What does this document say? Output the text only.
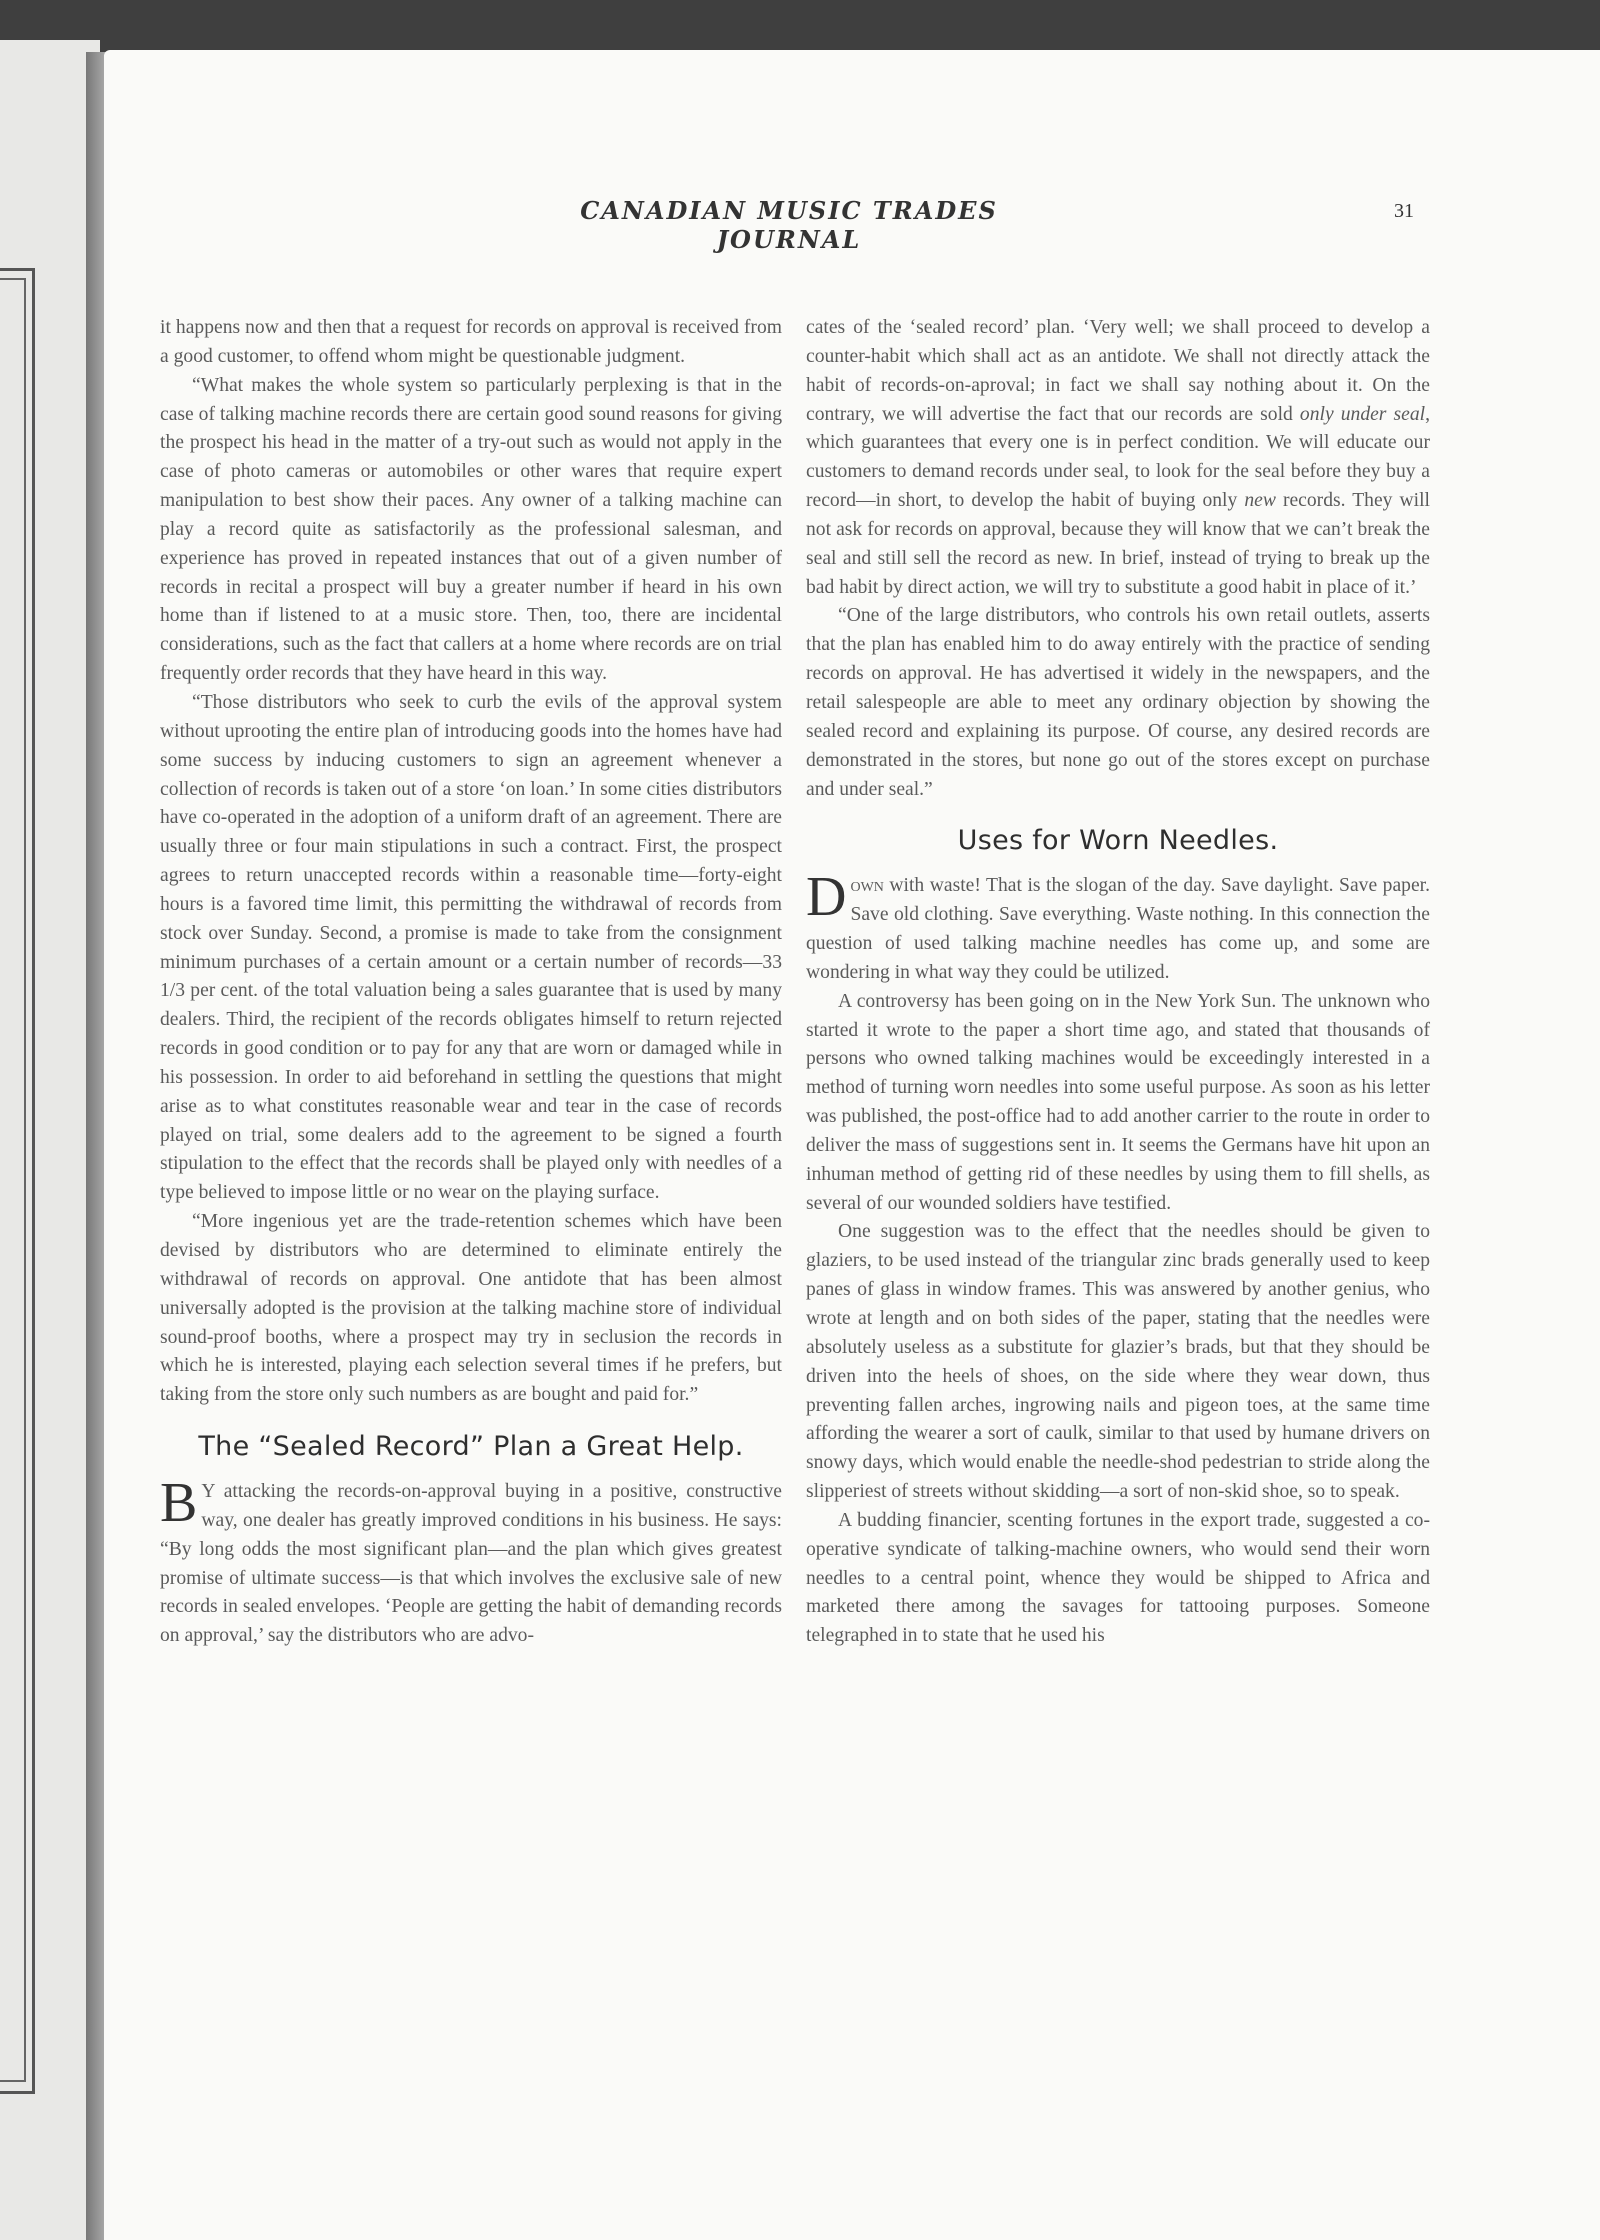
CANADIAN MUSIC TRADES JOURNAL
31

it happens now and then that a request for records on approval is received from a good customer, to offend whom might be questionable judgment.

“What makes the whole system so particularly perplexing is that in the case of talking machine records there are certain good sound reasons for giving the prospect his head in the matter of a try-out such as would not apply in the case of photo cameras or automobiles or other wares that require expert manipulation to best show their paces. Any owner of a talking machine can play a record quite as satisfactorily as the professional salesman, and experience has proved in repeated instances that out of a given number of records in recital a prospect will buy a greater number if heard in his own home than if listened to at a music store. Then, too, there are incidental considerations, such as the fact that callers at a home where records are on trial frequently order records that they have heard in this way.

“Those distributors who seek to curb the evils of the approval system without uprooting the entire plan of introducing goods into the homes have had some success by inducing customers to sign an agreement whenever a collection of records is taken out of a store ‘on loan.’ In some cities distributors have co-operated in the adoption of a uniform draft of an agreement. There are usually three or four main stipulations in such a contract. First, the prospect agrees to return unaccepted records within a reasonable time—forty-eight hours is a favored time limit, this permitting the withdrawal of records from stock over Sunday. Second, a promise is made to take from the consignment minimum purchases of a certain amount or a certain number of records—33 1/3 per cent. of the total valuation being a sales guarantee that is used by many dealers. Third, the recipient of the records obligates himself to return rejected records in good condition or to pay for any that are worn or damaged while in his possession. In order to aid beforehand in settling the questions that might arise as to what constitutes reasonable wear and tear in the case of records played on trial, some dealers add to the agreement to be signed a fourth stipulation to the effect that the records shall be played only with needles of a type believed to impose little or no wear on the playing surface.

“More ingenious yet are the trade-retention schemes which have been devised by distributors who are determined to eliminate entirely the withdrawal of records on approval. One antidote that has been almost universally adopted is the provision at the talking machine store of individual sound-proof booths, where a prospect may try in seclusion the records in which he is interested, playing each selection several times if he prefers, but taking from the store only such numbers as are bought and paid for.”

The “Sealed Record” Plan a Great Help.

B Y attacking the records-on-approval buying in a positive, constructive way, one dealer has greatly improved conditions in his business. He says: “By long odds the most significant plan—and the plan which gives greatest promise of ultimate success—is that which involves the exclusive sale of new records in sealed envelopes. ‘People are getting the habit of demanding records on approval,’ say the distributors who are advo-

cates of the ‘sealed record’ plan. ‘Very well; we shall proceed to develop a counter-habit which shall act as an antidote. We shall not directly attack the habit of records-on-aproval; in fact we shall say nothing about it. On the contrary, we will advertise the fact that our records are sold only under seal, which guarantees that every one is in perfect condition. We will educate our customers to demand records under seal, to look for the seal before they buy a record—in short, to develop the habit of buying only new records. They will not ask for records on approval, because they will know that we can’t break the seal and still sell the record as new. In brief, instead of trying to break up the bad habit by direct action, we will try to substitute a good habit in place of it.’

“One of the large distributors, who controls his own retail outlets, asserts that the plan has enabled him to do away entirely with the practice of sending records on approval. He has advertised it widely in the newspapers, and the retail salespeople are able to meet any ordinary objection by showing the sealed record and explaining its purpose. Of course, any desired records are demonstrated in the stores, but none go out of the stores except on purchase and under seal.”

Uses for Worn Needles.

Down with waste! That is the slogan of the day. Save daylight. Save paper. Save old clothing. Save everything. Waste nothing. In this connection the question of used talking machine needles has come up, and some are wondering in what way they could be utilized.

A controversy has been going on in the New York Sun. The unknown who started it wrote to the paper a short time ago, and stated that thousands of persons who owned talking machines would be exceedingly interested in a method of turning worn needles into some useful purpose. As soon as his letter was published, the post-office had to add another carrier to the route in order to deliver the mass of suggestions sent in. It seems the Germans have hit upon an inhuman method of getting rid of these needles by using them to fill shells, as several of our wounded soldiers have testified.

One suggestion was to the effect that the needles should be given to glaziers, to be used instead of the triangular zinc brads generally used to keep panes of glass in window frames. This was answered by another genius, who wrote at length and on both sides of the paper, stating that the needles were absolutely useless as a substitute for glazier’s brads, but that they should be driven into the heels of shoes, on the side where they wear down, thus preventing fallen arches, ingrowing nails and pigeon toes, at the same time affording the wearer a sort of caulk, similar to that used by humane drivers on snowy days, which would enable the needle-shod pedestrian to stride along the slipperiest of streets without skidding—a sort of non-skid shoe, so to speak.

A budding financier, scenting fortunes in the export trade, suggested a co-operative syndicate of talking-machine owners, who would send their worn needles to a central point, whence they would be shipped to Africa and marketed there among the savages for tattooing purposes. Someone telegraphed in to state that he used his
